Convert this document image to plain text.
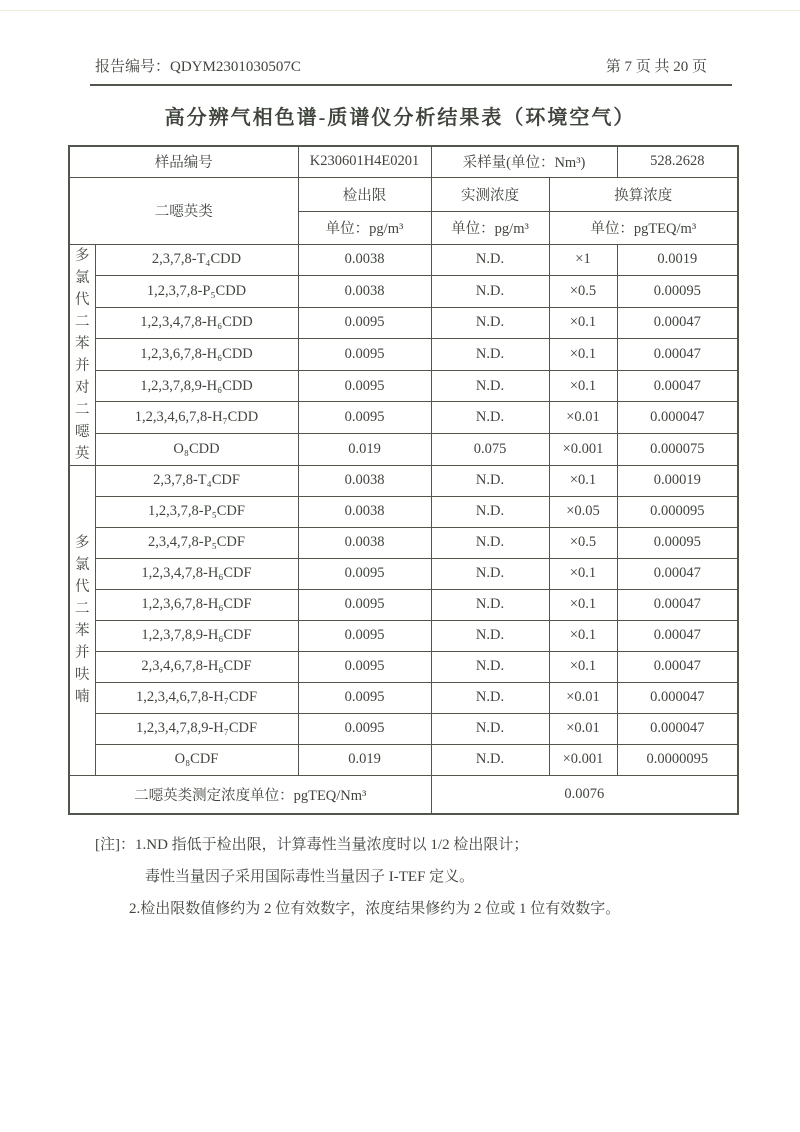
报告编号：QDYM2301030507C	第 7 页 共 20 页
高分辨气相色谱-质谱仪分析结果表（环境空气）
样品编号		K230601H4E0201	采样量(单位：Nm³)		528.2628
二噁英类		检出限	实测浓度	换算浓度	
		单位：pg/m³	单位：pg/m³	单位：pgTEQ/m³	
多氯代二苯并对二噁英	2,3,7,8-T₄CDD	0.0038	N.D.	×1	0.0019
	1,2,3,7,8-P₅CDD	0.0038	N.D.	×0.5	0.00095
	1,2,3,4,7,8-H₆CDD	0.0095	N.D.	×0.1	0.00047
	1,2,3,6,7,8-H₆CDD	0.0095	N.D.	×0.1	0.00047
	1,2,3,7,8,9-H₆CDD	0.0095	N.D.	×0.1	0.00047
	1,2,3,4,6,7,8-H₇CDD	0.0095	N.D.	×0.01	0.000047
	O₈CDD	0.019	0.075	×0.001	0.000075
多氯代二苯并呋喃	2,3,7,8-T₄CDF	0.0038	N.D.	×0.1	0.00019
	1,2,3,7,8-P₅CDF	0.0038	N.D.	×0.05	0.000095
	2,3,4,7,8-P₅CDF	0.0038	N.D.	×0.5	0.00095
	1,2,3,4,7,8-H₆CDF	0.0095	N.D.	×0.1	0.00047
	1,2,3,6,7,8-H₆CDF	0.0095	N.D.	×0.1	0.00047
	1,2,3,7,8,9-H₆CDF	0.0095	N.D.	×0.1	0.00047
	2,3,4,6,7,8-H₆CDF	0.0095	N.D.	×0.1	0.00047
	1,2,3,4,6,7,8-H₇CDF	0.0095	N.D.	×0.01	0.000047
	1,2,3,4,7,8,9-H₇CDF	0.0095	N.D.	×0.01	0.000047
	O₈CDF	0.019	N.D.	×0.001	0.0000095
二噁英类测定浓度单位：pgTEQ/Nm³			0.0076		
[注]：1.ND 指低于检出限，计算毒性当量浓度时以 1/2 检出限计；
毒性当量因子采用国际毒性当量因子 I-TEF 定义。
2.检出限数值修约为 2 位有效数字，浓度结果修约为 2 位或 1 位有效数字。
